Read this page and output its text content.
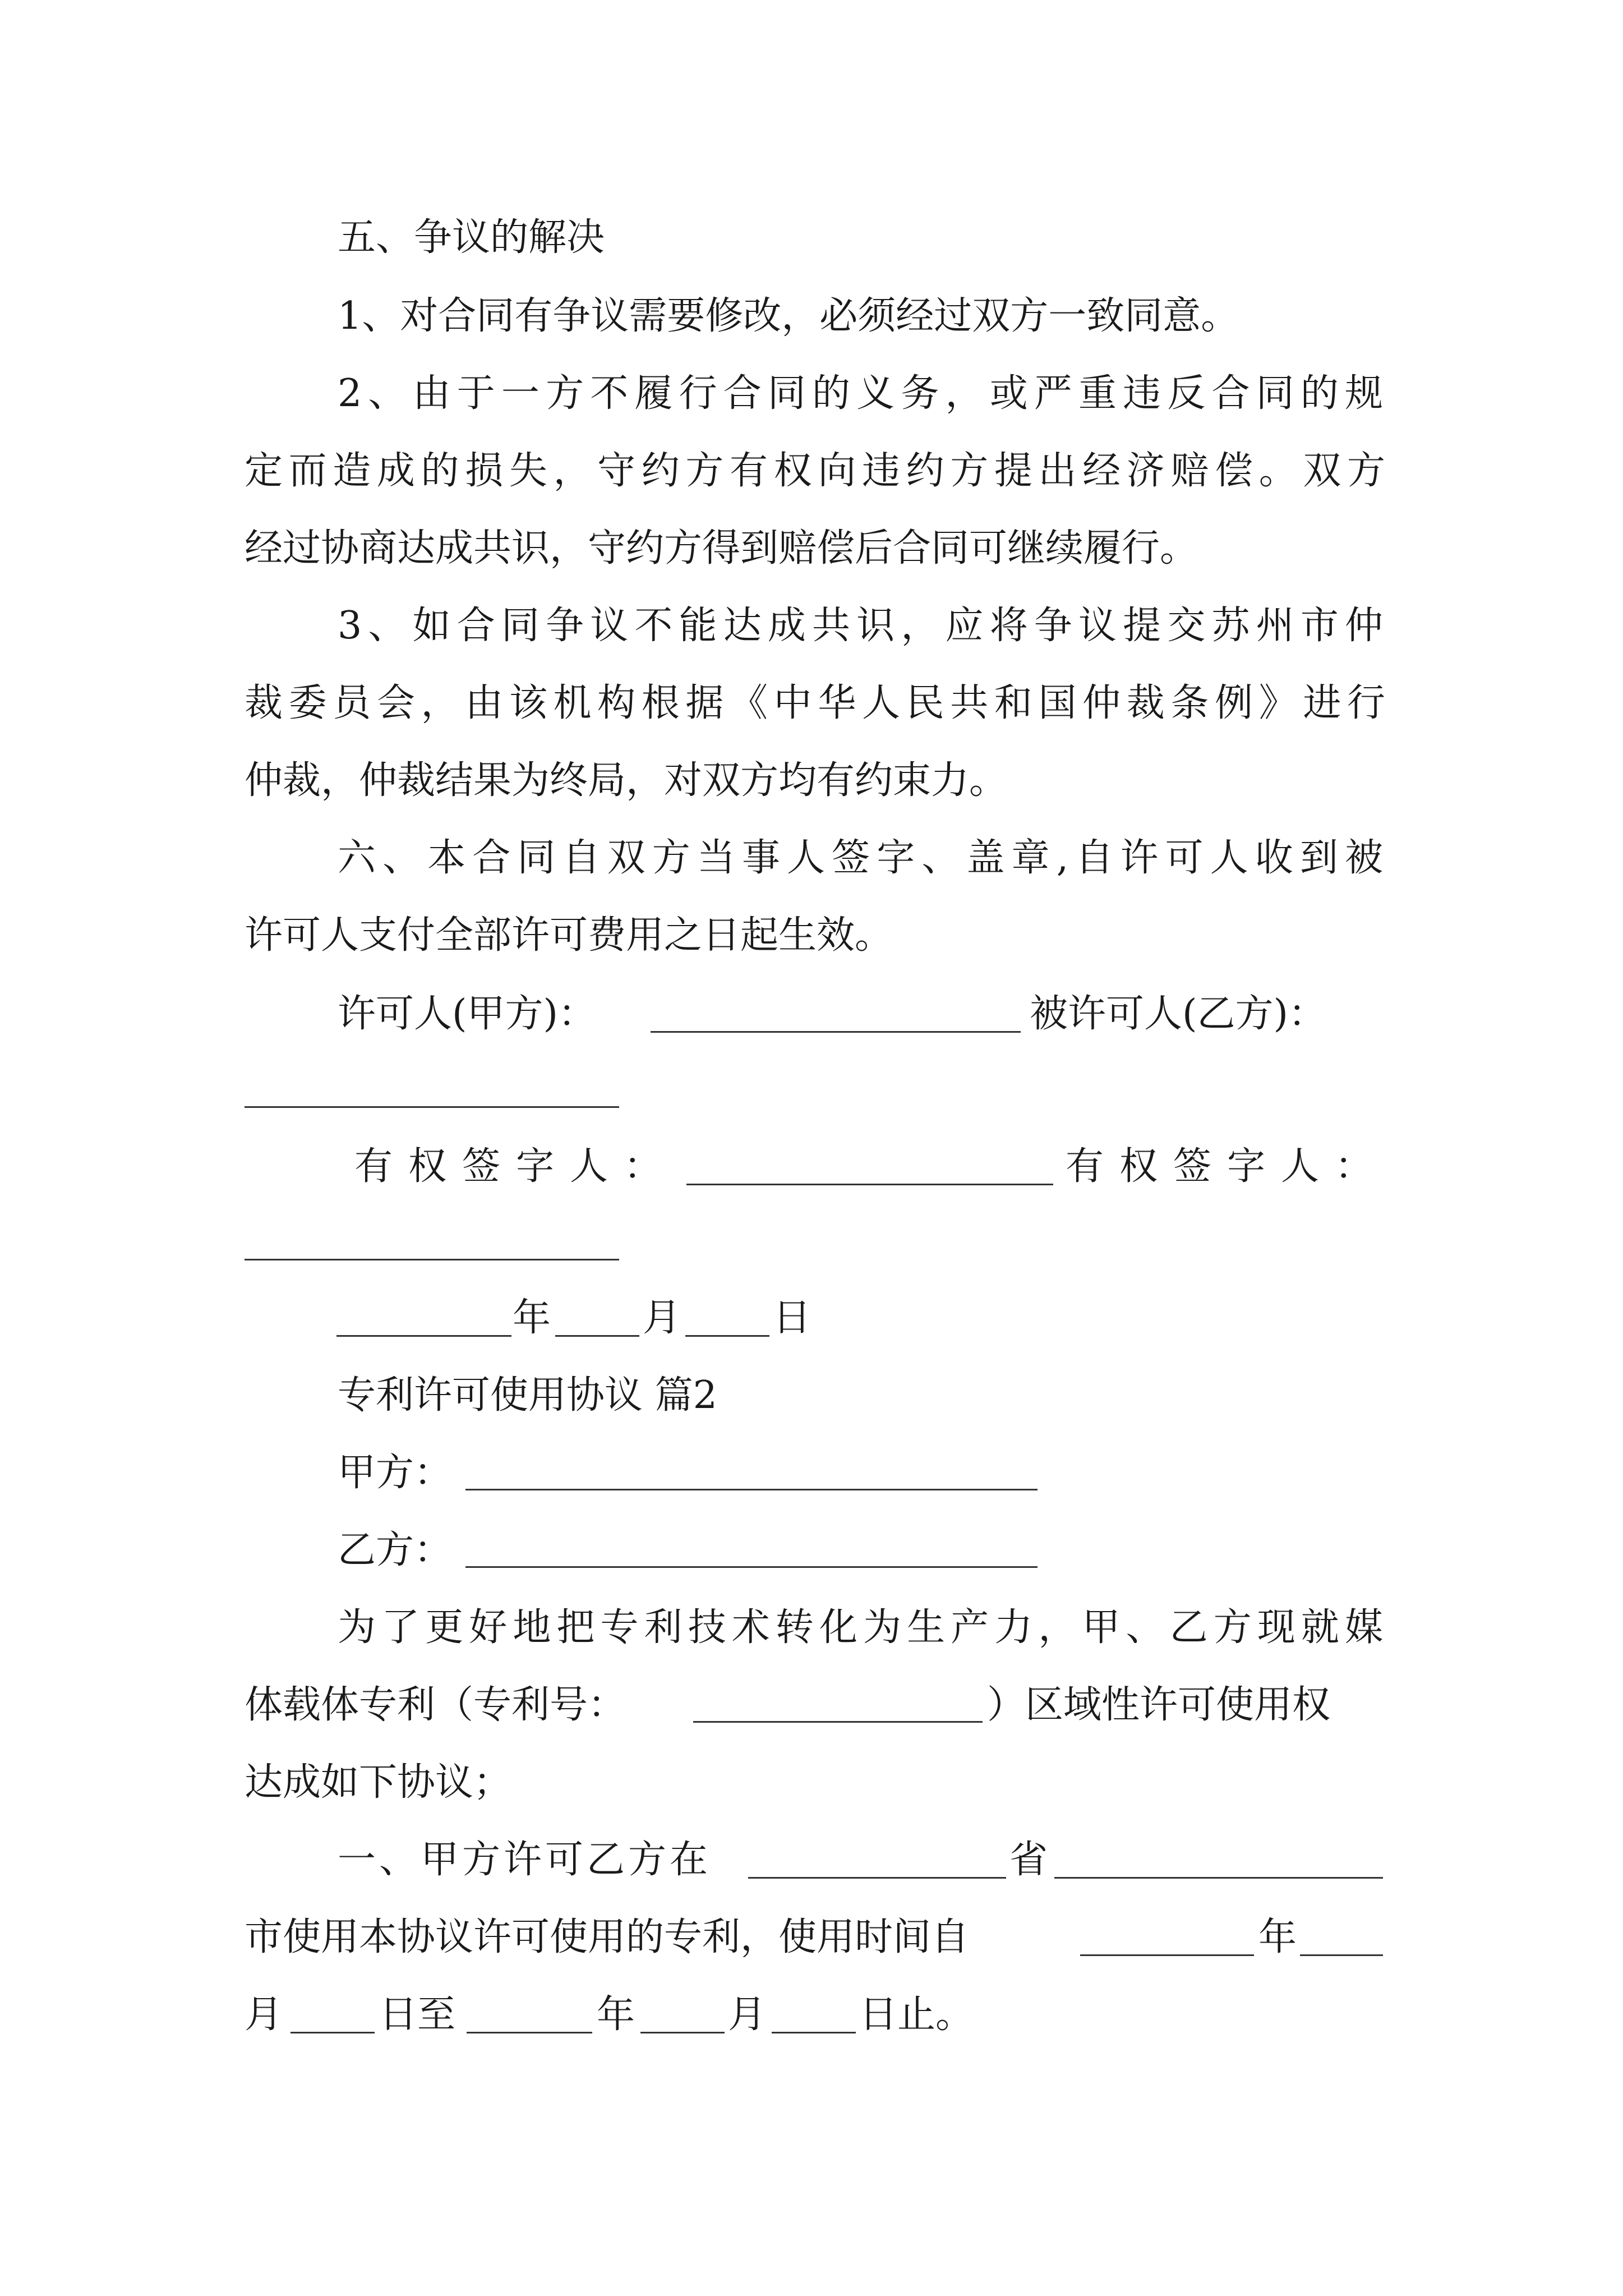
五、争议的解决
1、对合同有争议需要修改，必须经过双方一致同意。
2、由于一方不履行合同的义务，或严重违反合同的规
定而造成的损失，守约方有权向违约方提出经济赔偿。双方
经过协商达成共识，守约方得到赔偿后合同可继续履行。
3、如合同争议不能达成共识，应将争议提交苏州市仲
裁委员会，由该机构根据《中华人民共和国仲裁条例》进行
仲裁，仲裁结果为终局，对双方均有约束力。
六、本合同自双方当事人签字、盖章,自许可人收到被
许可人支付全部许可费用之日起生效。
许可人(甲方)：	被许可人(乙方)：
有权签字人：	有权签字人：
年 月 日
专利许可使用协议 篇2
甲方：
乙方：
为了更好地把专利技术转化为生产力，甲、乙方现就媒
体载体专利（专利号：	）区域性许可使用权
达成如下协议；
一、甲方许可乙方在	省
市使用本协议许可使用的专利，使用时间自	年
月	日至	年 月 日止。
